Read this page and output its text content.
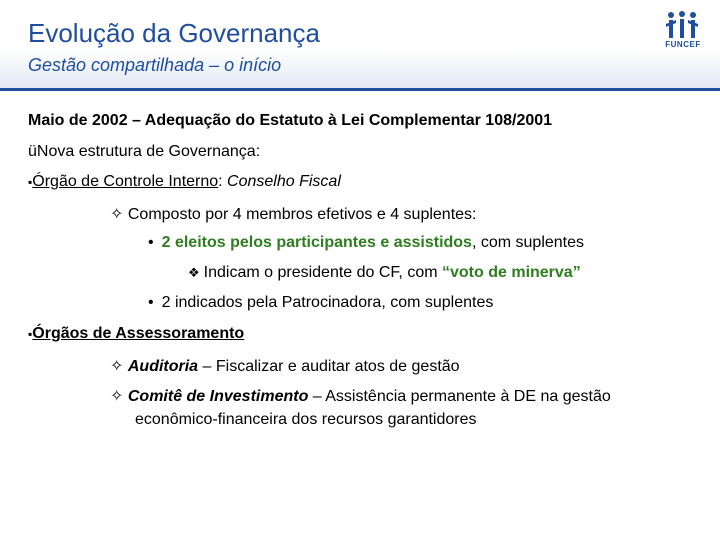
Evolução da Governança
Gestão compartilhada – o início
FUNCEF
Maio de 2002 – Adequação do Estatuto à Lei Complementar 108/2001
üNova estrutura de Governança:
▪Órgão de Controle Interno: Conselho Fiscal
✧ Composto por 4 membros efetivos e 4 suplentes:
• 2 eleitos pelos participantes e assistidos, com suplentes
❖ Indicam o presidente do CF, com “voto de minerva”
• 2 indicados pela Patrocinadora, com suplentes
▪Órgãos de Assessoramento
✧ Auditoria – Fiscalizar e auditar atos de gestão
✧ Comitê de Investimento – Assistência permanente à DE na gestão
econômico-financeira dos recursos garantidores
